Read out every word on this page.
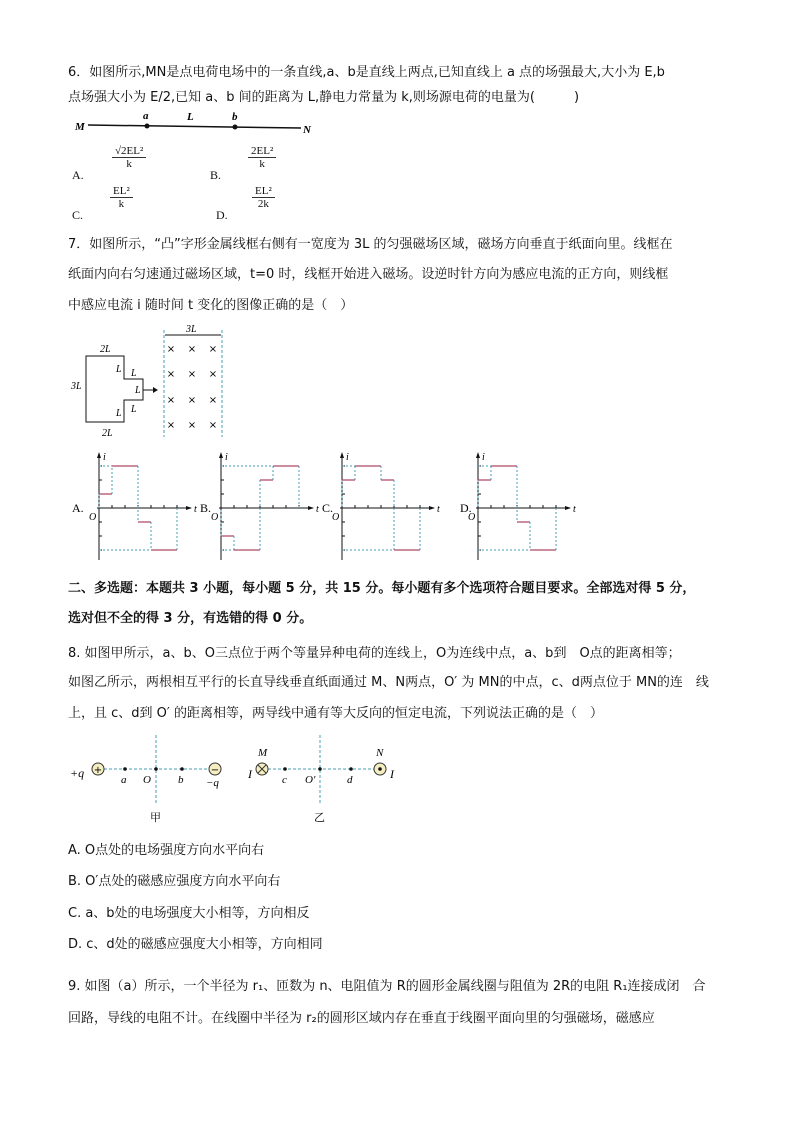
6．如图所示,MN是点电荷电场中的一条直线,a、b是直线上两点,已知直线上 a 点的场强最大,大小为 E,b
点场强大小为 E/2,已知 a、b 间的距离为 L,静电力常量为 k,则场源电荷的电量为(　　　)
M
a	L	b
N
2L
3L
2L
L L
L
L L
3L
× × ×
× × ×
× × ×
× × ×
A.
i
t
O
B.
i
t
O
C.
i
t
O
D.
i
t
O
+	−
+q	a O b −q
甲
M	N
I	I
c O′	d
乙
A.
$\frac{\text{√2EL²}}{k}$
B.
$\frac{\text{2EL²}}{k}$
C.
$\frac{\text{EL²}}{k}$
D.
$\frac{\text{EL²}}{2k}$
7．如图所示，“凸”字形金属线框右侧有一宽度为 3L 的匀强磁场区域，磁场方向垂直于纸面向里。线框在
纸面内向右匀速通过磁场区域，t=0 时，线框开始进入磁场。设逆时针方向为感应电流的正方向，则线框
中感应电流 i 随时间 t 变化的图像正确的是（　）
二、多选题：本题共 3 小题，每小题 5 分，共 15 分。每小题有多个选项符合题目要求。全部选对得 5 分，
选对但不全的得 3 分，有选错的得 0 分。
8. 如图甲所示，a、b、O三点位于两个等量异种电荷的连线上，O为连线中点，a、b到　O点的距离相等；
如图乙所示，两根相互平行的长直导线垂直纸面通过 M、N两点，O′ 为 MN的中点，c、d两点位于 MN的连　线
上，且 c、d到 O′ 的距离相等，两导线中通有等大反向的恒定电流，下列说法正确的是（　）
A. O点处的电场强度方向水平向右
B. O′点处的磁感应强度方向水平向右
C. a、b处的电场强度大小相等，方向相反
D. c、d处的磁感应强度大小相等，方向相同
9. 如图（a）所示，一个半径为 r₁、匝数为 n、电阻值为 R的圆形金属线圈与阻值为 2R的电阻 R₁连接成闭　合
回路，导线的电阻不计。在线圈中半径为 r₂的圆形区域内存在垂直于线圈平面向里的匀强磁场，磁感应
